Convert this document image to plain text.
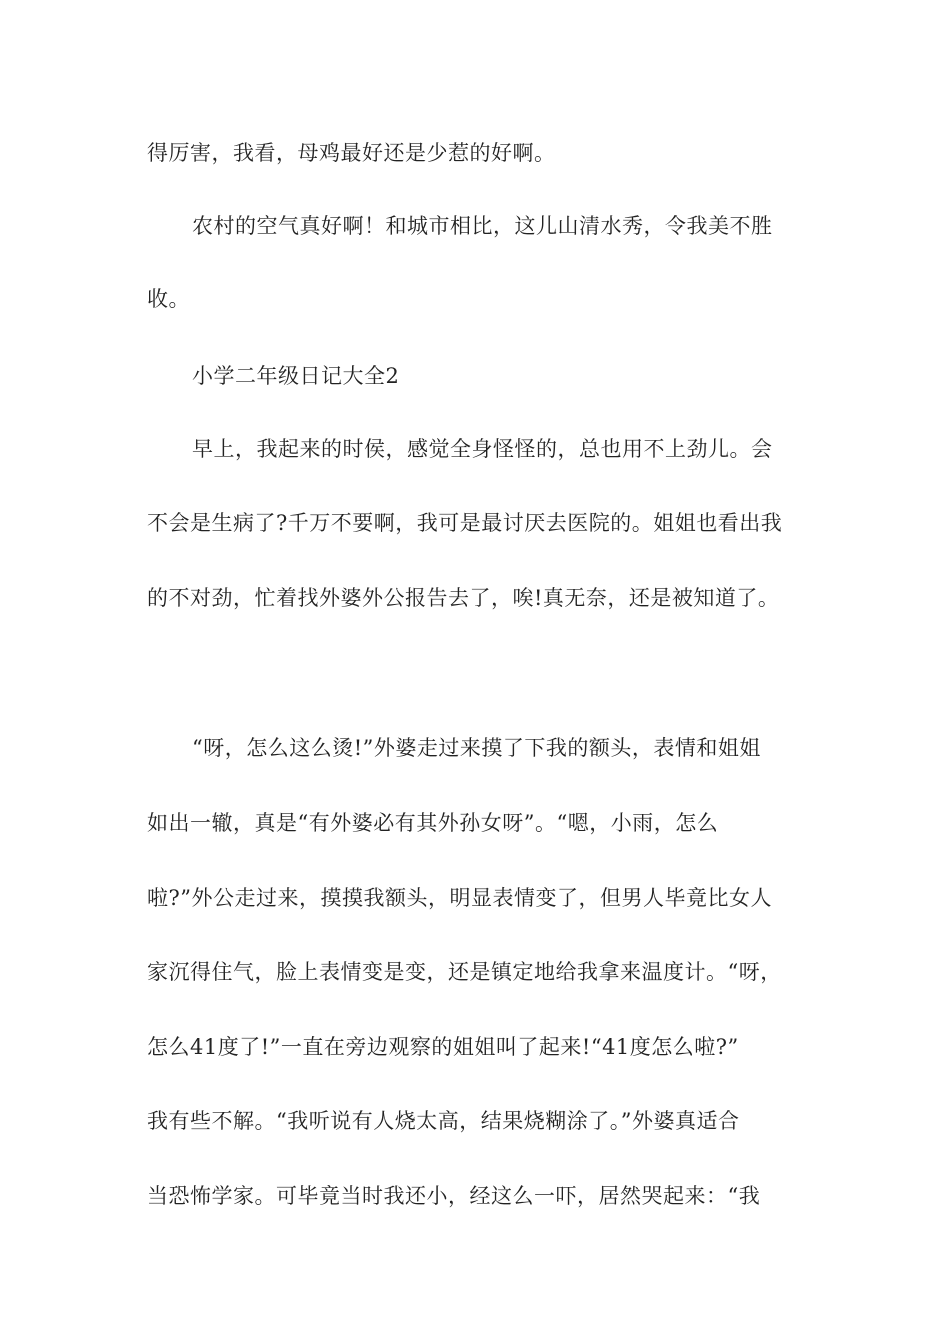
得厉害，我看，母鸡最好还是少惹的好啊。
农村的空气真好啊！和城市相比，这儿山清水秀，令我美不胜
收。
小学二年级日记大全2
早上，我起来的时侯，感觉全身怪怪的，总也用不上劲儿。会
不会是生病了?千万不要啊，我可是最讨厌去医院的。姐姐也看出我
的不对劲，忙着找外婆外公报告去了，唉!真无奈，还是被知道了。
“呀，怎么这么烫!”外婆走过来摸了下我的额头，表情和姐姐
如出一辙，真是“有外婆必有其外孙女呀”。“嗯，小雨，怎么
啦?”外公走过来，摸摸我额头，明显表情变了，但男人毕竟比女人
家沉得住气，脸上表情变是变，还是镇定地给我拿来温度计。“呀，
怎么41度了!”一直在旁边观察的姐姐叫了起来!“41度怎么啦?”
我有些不解。“我听说有人烧太高，结果烧糊涂了。”外婆真适合
当恐怖学家。可毕竟当时我还小，经这么一吓，居然哭起来：“我
